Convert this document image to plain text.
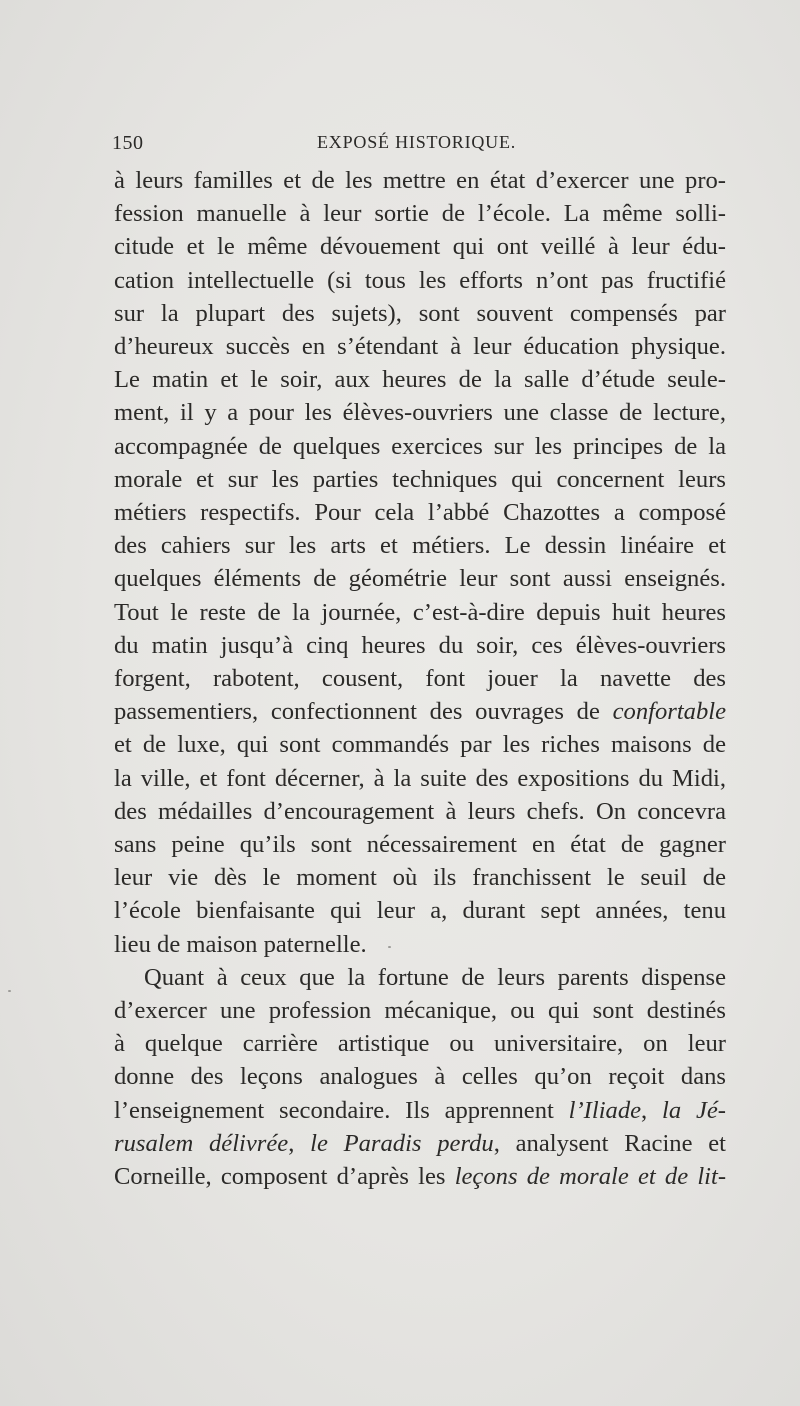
150	EXPOSÉ HISTORIQUE.

à leurs familles et de les mettre en état d’exercer une pro-
fession manuelle à leur sortie de l’école. La même solli-
citude et le même dévouement qui ont veillé à leur édu-
cation intellectuelle (si tous les efforts n’ont pas fructifié
sur la plupart des sujets), sont souvent compensés par
d’heureux succès en s’étendant à leur éducation physique.
Le matin et le soir, aux heures de la salle d’étude seule-
ment, il y a pour les élèves-ouvriers une classe de lecture,
accompagnée de quelques exercices sur les principes de la
morale et sur les parties techniques qui concernent leurs
métiers respectifs. Pour cela l’abbé Chazottes a composé
des cahiers sur les arts et métiers. Le dessin linéaire et
quelques éléments de géométrie leur sont aussi enseignés.
Tout le reste de la journée, c’est-à-dire depuis huit heures
du matin jusqu’à cinq heures du soir, ces élèves-ouvriers
forgent, rabotent, cousent, font jouer la navette des
passementiers, confectionnent des ouvrages de confortable
et de luxe, qui sont commandés par les riches maisons de
la ville, et font décerner, à la suite des expositions du Midi,
des médailles d’encouragement à leurs chefs. On concevra
sans peine qu’ils sont nécessairement en état de gagner
leur vie dès le moment où ils franchissent le seuil de
l’école bienfaisante qui leur a, durant sept années, tenu
lieu de maison paternelle.

Quant à ceux que la fortune de leurs parents dispense
d’exercer une profession mécanique, ou qui sont destinés
à quelque carrière artistique ou universitaire, on leur
donne des leçons analogues à celles qu’on reçoit dans
l’enseignement secondaire. Ils apprennent l’Iliade, la Jé-
rusalem délivrée, le Paradis perdu, analysent Racine et
Corneille, composent d’après les leçons de morale et de lit-
